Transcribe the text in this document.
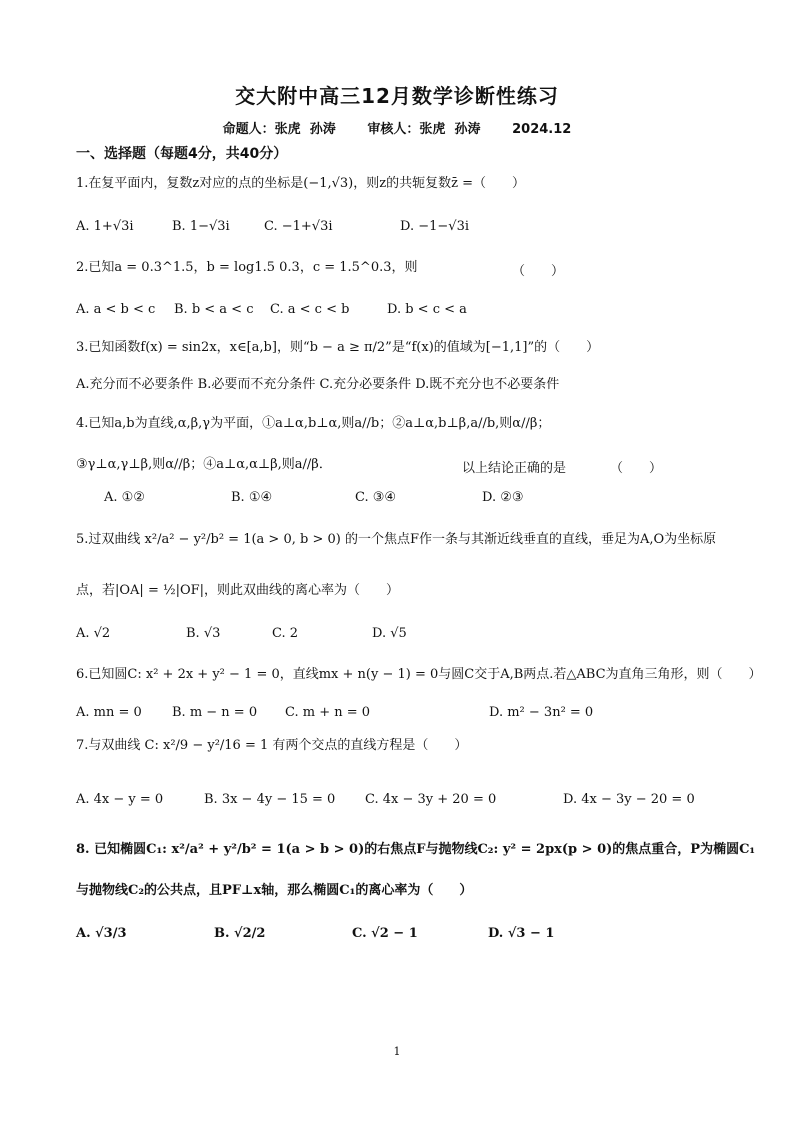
交大附中高三12月数学诊断性练习
命题人：张虎  孙涛       审核人：张虎  孙涛       2024.12
一、选择题（每题4分，共40分）
1.在复平面内，复数z对应的点的坐标是(−1,√3)，则z的共轭复数z̄ =（　　）
A. 1+√3i	B. 1−√3i	C. −1+√3i	D. −1−√3i
2.已知a = 0.3^1.5，b = log1.5 0.3，c = 1.5^0.3，则	（　　）
A. a < b < c B. b < a < c C. a < c < b	D. b < c < a
3.已知函数f(x) = sin2x，x∈[a,b]，则“b − a ≥ π/2”是“f(x)的值域为[−1,1]”的（　　）
A.充分而不必要条件 B.必要而不充分条件 C.充分必要条件 D.既不充分也不必要条件
4.已知a,b为直线,α,β,γ为平面，①a⊥α,b⊥α,则a//b；②a⊥α,b⊥β,a//b,则α//β；
③γ⊥α,γ⊥β,则α//β；④a⊥α,α⊥β,则a//β．	以上结论正确的是	（　　）
A. ①②	B. ①④	C. ③④	D. ②③
5.过双曲线 x²/a² − y²/b² = 1(a > 0, b > 0) 的一个焦点F作一条与其渐近线垂直的直线，垂足为A,O为坐标原
点，若|OA| = ½|OF|，则此双曲线的离心率为（　　）
A. √2	B. √3	C. 2	D. √5
6.已知圆C: x² + 2x + y² − 1 = 0，直线mx + n(y − 1) = 0与圆C交于A,B两点.若△ABC为直角三角形，则（　　）
A. mn = 0 B. m − n = 0 C. m + n = 0	D. m² − 3n² = 0
7.与双曲线 C: x²/9 − y²/16 = 1 有两个交点的直线方程是（　　）
A. 4x − y = 0	B. 3x − 4y − 15 = 0 C. 4x − 3y + 20 = 0	D. 4x − 3y − 20 = 0
8. 已知椭圆C₁: x²/a² + y²/b² = 1(a > b > 0)的右焦点F与抛物线C₂: y² = 2px(p > 0)的焦点重合，P为椭圆C₁
与抛物线C₂的公共点，且PF⊥x轴，那么椭圆C₁的离心率为（　　）
A. √3/3	B. √2/2	C. √2 − 1	D. √3 − 1
1
